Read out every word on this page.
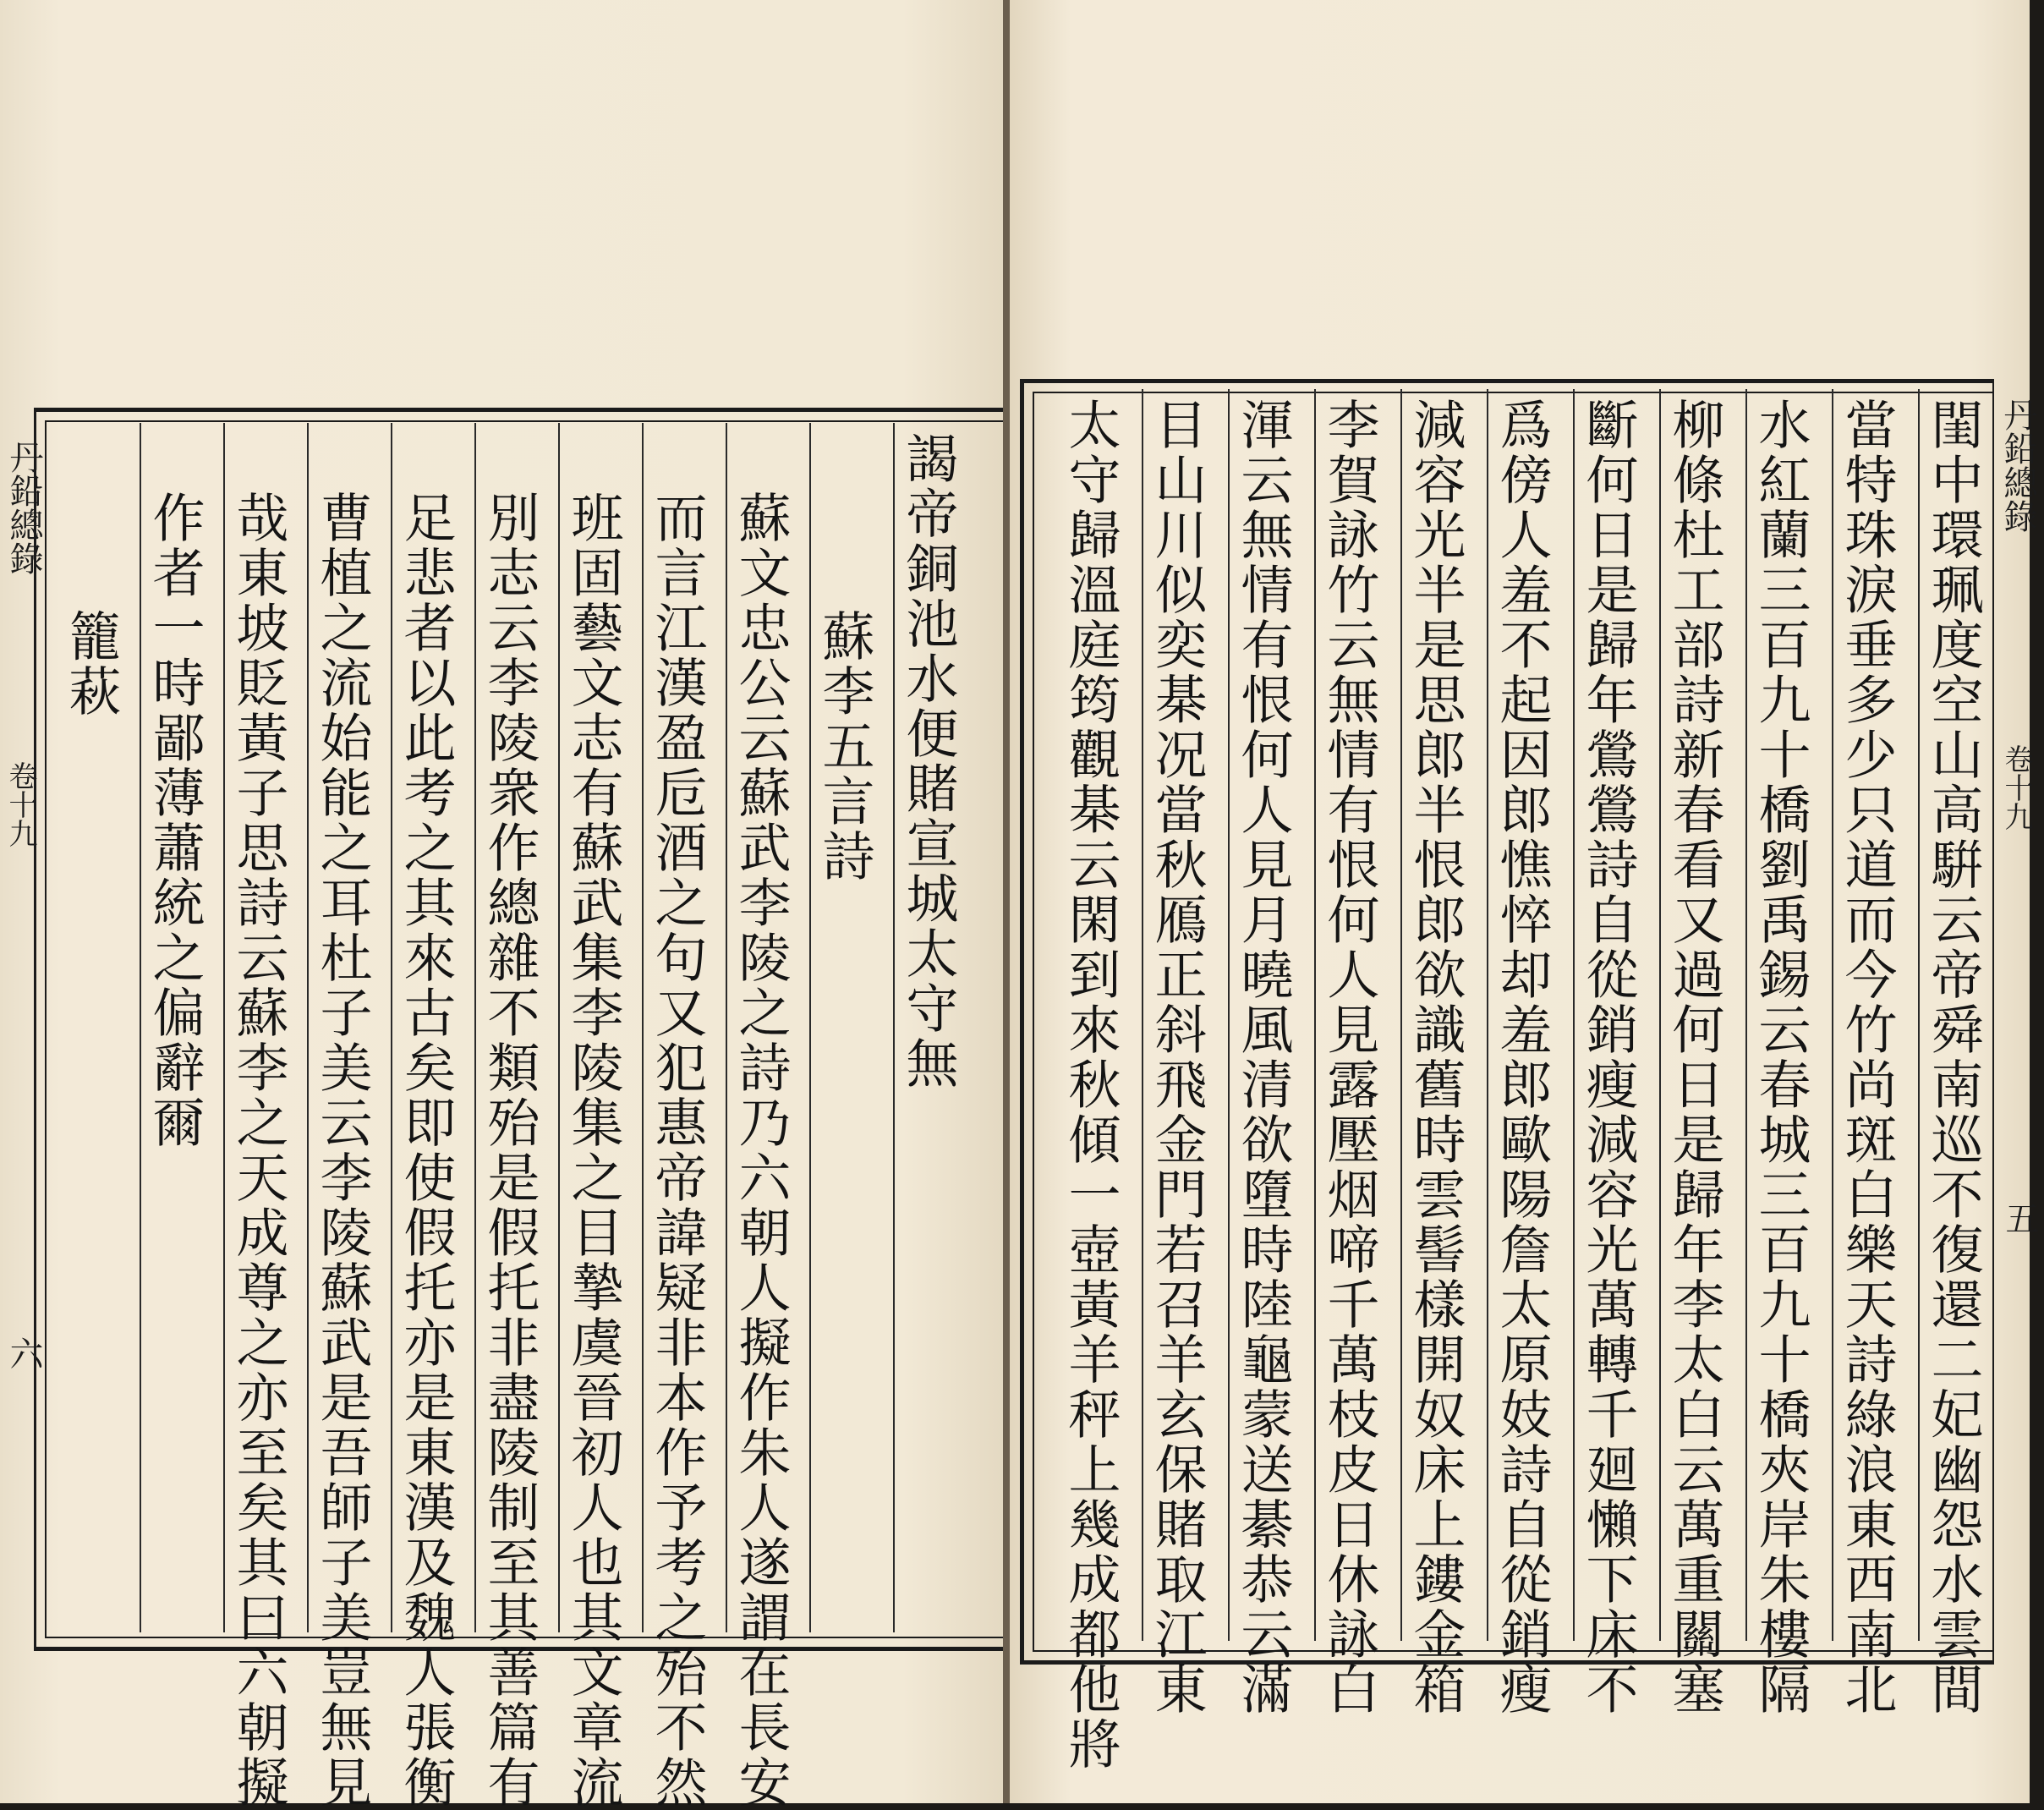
丹鉛總錄
卷十九
六
謁帝銅池水便賭宣城太守無
蘇李五言詩
蘇文忠公云蘇武李陵之詩乃六朝人擬作朱人遂謂在長安
而言江漢盈卮酒之句又犯惠帝諱疑非本作予考之殆不然
班固藝文志有蘇武集李陵集之目摯虞晉初人也其文章流
別志云李陵衆作總雜不類殆是假托非盡陵制至其善篇有
足悲者以此考之其來古矣即使假托亦是東漢及魏人張衡
曹植之流始能之耳杜子美云李陵蘇武是吾師子美豈無見
哉東坡貶黃子思詩云蘇李之天成尊之亦至矣其曰六朝擬
作者一時鄙薄蕭統之偏辭爾
籠萩
丹鉛總錄
卷十九
五
閨中環珮度空山高騈云帝舜南巡不復還二妃幽怨水雲間
當特珠淚垂多少只道而今竹尚斑白樂天詩綠浪東西南北
水紅蘭三百九十橋劉禹錫云春城三百九十橋夾岸朱樓隔
柳條杜工部詩新春看又過何日是歸年李太白云萬重關塞
斷何日是歸年鶯鶯詩自從銷瘦減容光萬轉千廻懶下床不
爲傍人羞不起因郎憔悴却羞郎歐陽詹太原妓詩自從銷瘦
減容光半是思郎半恨郎欲識舊時雲髻樣開奴床上鏤金箱
李賀詠竹云無情有恨何人見露壓烟啼千萬枝皮日休詠白
渾云無情有恨何人見月曉風清欲墮時陸龜蒙送綦恭云滿
目山川似奕棊况當秋鴈正斜飛金門若召羊玄保賭取江東
太守歸溫庭筠觀棊云閑到來秋傾一壺黃羊秤上幾成都他將
